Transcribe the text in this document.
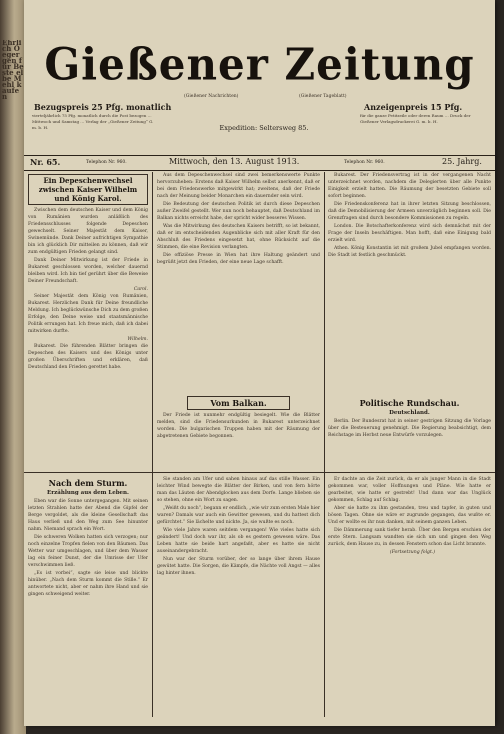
Ehrlich Oeger gen für Beste elbe Mehl kaufen
Gießener Zeitung
(Gießener Nachrichten)	(Gießener Tageblatt)
Bezugspreis 25 Pfg. monatlich	Anzeigenpreis 15 Pfg.
vierteljährlich 75 Pfg. monatlich durch die Post bezogen … Mittwoch und Samstag … Verlag der „Gießener Zeitung“ G. m. b. H.
für die ganze Petitzeile oder deren Raum … Druck der Gießener Verlagsdruckerei G. m. b. H.
Expedition: Seltersweg 85.
Nr. 65.	Telephon Nr. 960.	Mittwoch, den 13. August 1913.	Telephon Nr. 960.	25. Jahrg.
Ein Depeschenwechsel zwischen Kaiser Wilhelm und König Karol.

Zwischen dem deutschen Kaiser und dem König von Rumänien wurden anläßlich des Friedensschlusses folgende Depeschen gewechselt. Seiner Majestät dem Kaiser, Swinemünde. Dank Deiner aufrichtigen Sympathie bin ich glücklich Dir mitteilen zu können, daß wir zum endgültigen Frieden gelangt sind.

Dank Deiner Mitwirkung ist der Friede in Bukarest geschlossen worden, welcher dauernd bleiben wird. Ich bin tief gerührt über die Beweise Deiner Freundschaft.

Carol.

Seiner Majestät dem König von Rumänien, Bukarest. Herzlichen Dank für Deine freundliche Meldung. Ich beglückwünsche Dich zu dem großen Erfolge, den Deine weise und staatsmännische Politik errungen hat. Ich freue mich, daß ich dabei mitwirken durfte.

Wilhelm.

Bukarest. Die führenden Blätter bringen die Depeschen des Kaisers und des Königs unter großen Überschriften und erklären, daß Deutschland den Frieden gerettet habe.

Nach dem Sturm.
Erzählung aus dem Leben.

Eben war die Sonne untergegangen. Mit seinen letzten Strahlen hatte der Abend die Gipfel der Berge vergoldet, als die kleine Gesellschaft das Haus verließ und den Weg zum See hinunter nahm. Niemand sprach ein Wort.

Die schweren Wolken hatten sich verzogen; nur noch einzelne Tropfen fielen von den Bäumen. Das Wetter war umgeschlagen, und über dem Wasser lag ein feiner Dunst, der die Umrisse der Ufer verschwimmen ließ.

„Es ist vorbei“, sagte sie leise und blickte hinüber. „Nach dem Sturm kommt die Stille.“ Er antwortete nicht, aber er nahm ihre Hand und sie gingen schweigend weiter.

Aus dem Depeschenwechsel sind zwei bemerkenswerte Punkte hervorzuheben: Erstens daß Kaiser Wilhelm selbst anerkennt, daß er bei dem Friedenswerke mitgewirkt hat; zweitens, daß der Friede nach der Meinung beider Monarchen ein dauernder sein wird.

Die Bedeutung der deutschen Politik ist durch diese Depeschen außer Zweifel gestellt. Wer nun noch behauptet, daß Deutschland im Balkan nichts erreicht habe, der spricht wider besseres Wissen.

Was die Mitwirkung des deutschen Kaisers betrifft, so ist bekannt, daß er im entscheidenden Augenblicke sich mit aller Kraft für den Abschluß des Friedens eingesetzt hat, ohne Rücksicht auf die Stimmen, die eine Revision verlangten.

Die offiziöse Presse in Wien hat ihre Haltung geändert und begrüßt jetzt den Frieden, der eine neue Lage schafft.

Vom Balkan.

Der Friede ist nunmehr endgültig besiegelt. Wie die Blätter melden, sind die Friedensurkunden in Bukarest unterzeichnet worden. Die bulgarischen Truppen haben mit der Räumung der abgetretenen Gebiete begonnen.

Bukarest. Der Friedensvertrag ist in der vergangenen Nacht unterzeichnet worden, nachdem die Delegierten über alle Punkte Einigkeit erzielt hatten. Die Räumung der besetzten Gebiete soll sofort beginnen.

Die Friedenskonferenz hat in ihrer letzten Sitzung beschlossen, daß die Demobilisierung der Armeen unverzüglich beginnen soll. Die Grenzfragen sind durch besondere Kommissionen zu regeln.

London. Die Botschafterkonferenz wird sich demnächst mit der Frage der Inseln beschäftigen. Man hofft, daß eine Einigung bald erzielt wird.

Athen. König Konstantin ist mit großem Jubel empfangen worden. Die Stadt ist festlich geschmückt.

Politische Rundschau.
Deutschland.

Berlin. Der Bundesrat hat in seiner gestrigen Sitzung die Vorlage über die Besteuerung genehmigt. Die Regierung beabsichtigt, dem Reichstage im Herbst neue Entwürfe vorzulegen.

Sie standen am Ufer und sahen hinaus auf das stille Wasser. Ein leichter Wind bewegte die Blätter der Birken, und von fern hörte man das Läuten der Abendglocken aus dem Dorfe. Lange blieben sie so stehen, ohne ein Wort zu sagen.

„Weißt du noch“, begann er endlich, „wie wir zum ersten Male hier waren? Damals war auch ein Gewitter gewesen, und du hattest dich gefürchtet.“ Sie lächelte und nickte. Ja, sie wußte es noch.

Wie viele Jahre waren seitdem vergangen! Wie vieles hatte sich geändert! Und doch war ihr, als ob es gestern gewesen wäre. Das Leben hatte sie beide hart angefaßt, aber es hatte sie nicht auseinandergebracht.

Nun war der Sturm vorüber, der so lange über ihrem Hause gewütet hatte. Die Sorgen, die Kämpfe, die Nächte voll Angst — alles lag hinter ihnen.

Er dachte an die Zeit zurück, da er als junger Mann in die Stadt gekommen war, voller Hoffnungen und Pläne. Wie hatte er gearbeitet, wie hatte er gestrebt! Und dann war das Unglück gekommen, Schlag auf Schlag.

Aber sie hatte zu ihm gestanden, treu und tapfer, in guten und bösen Tagen. Ohne sie wäre er zugrunde gegangen, das wußte er. Und er wollte es ihr nun danken, mit seinem ganzen Leben.

Die Dämmerung sank tiefer herab. Über den Bergen erschien der erste Stern. Langsam wandten sie sich um und gingen den Weg zurück, dem Hause zu, in dessen Fenstern schon das Licht brannte.

(Fortsetzung folgt.)
